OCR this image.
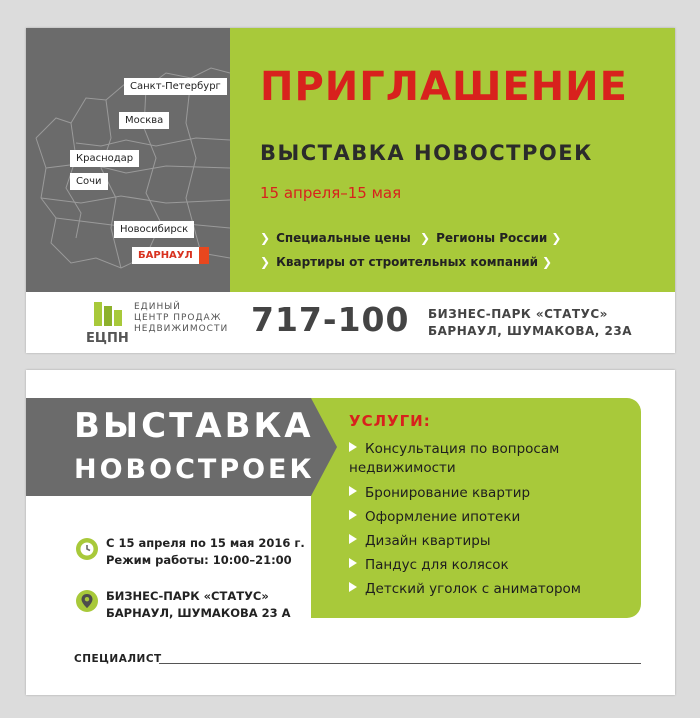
Санкт-Петербург
Москва
Краснодар
Сочи
Новосибирск
БАРНАУЛ
ПРИГЛАШЕНИЕ
ВЫСТАВКА НОВОСТРОЕК
15 апреля–15 мая
❯ Специальные цены ❯ Регионы России ❯
❯ Квартиры от строительных компаний ❯
ЕЦПН
ЕДИНЫЙ
ЦЕНТР ПРОДАЖ
НЕДВИЖИМОСТИ 717-100 БИЗНЕС-ПАРК «СТАТУС»
БАРНАУЛ, ШУМАКОВА, 23А
ВЫСТАВКА
НОВОСТРОЕК
УСЛУГИ:
Консультация по вопросам
недвижимости
Бронирование квартир
Оформление ипотеки
Дизайн квартиры
Пандус для колясок
Детский уголок с аниматором
С 15 апреля по 15 мая 2016 г.
Режим работы: 10:00–21:00
БИЗНЕС-ПАРК «СТАТУС»
БАРНАУЛ, ШУМАКОВА 23 А
СПЕЦИАЛИСТ
